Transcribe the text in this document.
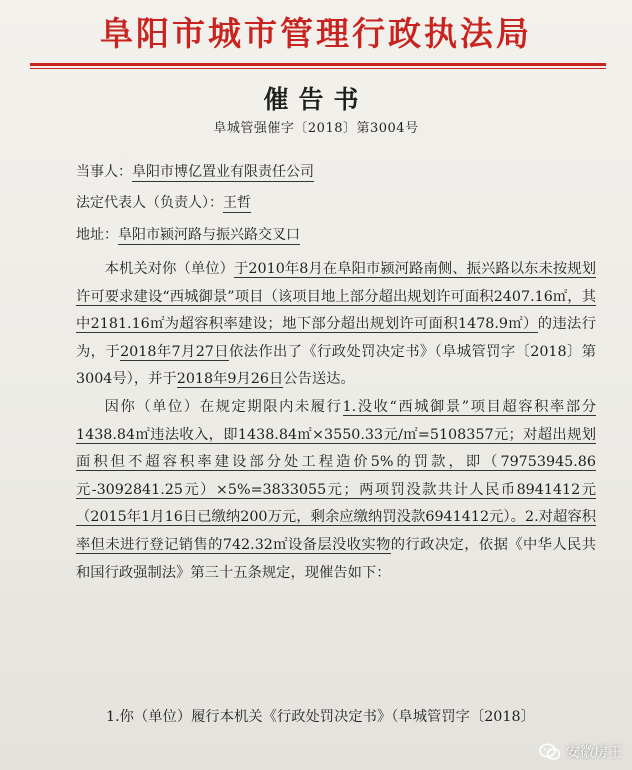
阜阳市城市管理行政执法局
催告书
阜城管强催字〔2018〕第3004号
当事人：阜阳市博亿置业有限责任公司
法定代表人（负责人）：王哲
地址：阜阳市颍河路与振兴路交叉口

本机关对你（单位）于2010年8月在阜阳市颍河路南侧、振兴路以东未按规划许可要求建设“西城御景”项目（该项目地上部分超出规划许可面积2407.16㎡，其中2181.16㎡为超容积率建设；地下部分超出规划许可面积1478.9㎡）的违法行为，于2018年7月27日依法作出了《行政处罚决定书》（阜城管罚字〔2018〕第3004号），并于2018年9月26日公告送达。

因你（单位）在规定期限内未履行1.没收“西城御景”项目超容积率部分1438.84㎡违法收入，即1438.84㎡×3550.33元/㎡=5108357元；对超出规划面积但不超容积率建设部分处工程造价5%的罚款，即（79753945.86元-3092841.25元）×5%=3833055元；两项罚没款共计人民币8941412元（2015年1月16日已缴纳200万元，剩余应缴纳罚没款6941412元）。2.对超容积率但未进行登记销售的742.32㎡设备层没收实物的行政决定，依据《中华人民共和国行政强制法》第三十五条规定，现催告如下：

1.你（单位）履行本机关《行政处罚决定书》（阜城管罚字〔2018〕
安徽房王
